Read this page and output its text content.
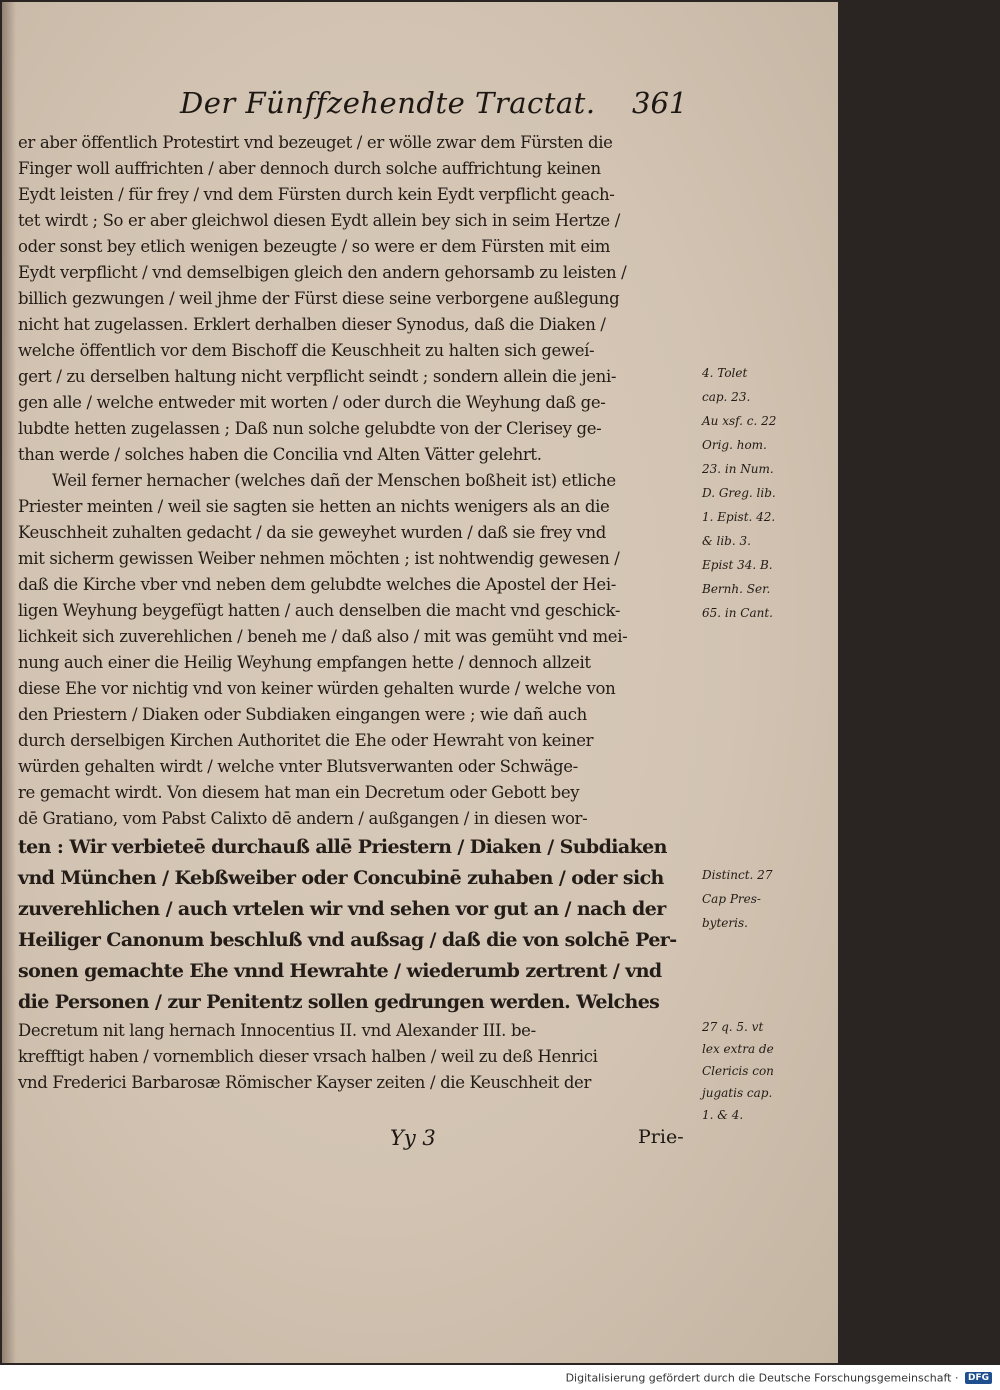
Der Fünffzehendte Tractat. 361
er aber öffentlich Protestirt vnd bezeuget / er wölle zwar dem Fürsten die
Finger woll auffrichten / aber dennoch durch solche auffrichtung keinen
Eydt leisten / für frey / vnd dem Fürsten durch kein Eydt verpflicht geach-
tet wirdt ; So er aber gleichwol diesen Eydt allein bey sich in seim Hertze /
oder sonst bey etlich wenigen bezeugte / so were er dem Fürsten mit eim
Eydt verpflicht / vnd demselbigen gleich den andern gehorsamb zu leisten /
billich gezwungen / weil jhme der Fürst diese seine verborgene außlegung
nicht hat zugelassen. Erklert derhalben dieser Synodus, daß die Diaken /
welche öffentlich vor dem Bischoff die Keuschheit zu halten sich geweí-
gert / zu derselben haltung nicht verpflicht seindt ; sondern allein die jeni-
gen alle / welche entweder mit worten / oder durch die Weyhung daß ge-
lubdte hetten zugelassen ; Daß nun solche gelubdte von der Clerisey ge-
than werde / solches haben die Concilia vnd Alten Vätter gelehrt.
Weil ferner hernacher (welches dañ der Menschen boßheit ist) etliche
Priester meinten / weil sie sagten sie hetten an nichts wenigers als an die
Keuschheit zuhalten gedacht / da sie geweyhet wurden / daß sie frey vnd
mit sicherm gewissen Weiber nehmen möchten ; ist nohtwendig gewesen /
daß die Kirche vber vnd neben dem gelubdte welches die Apostel der Hei-
ligen Weyhung beygefügt hatten / auch denselben die macht vnd geschick-
lichkeit sich zuverehlichen / beneh me / daß also / mit was gemüht vnd mei-
nung auch einer die Heilig Weyhung empfangen hette / dennoch allzeit
diese Ehe vor nichtig vnd von keiner würden gehalten wurde / welche von
den Priestern / Diaken oder Subdiaken eingangen were ; wie dañ auch
durch derselbigen Kirchen Authoritet die Ehe oder Hewraht von keiner
würden gehalten wirdt / welche vnter Blutsverwanten oder Schwäge-
re gemacht wirdt. Von diesem hat man ein Decretum oder Gebott bey
dē Gratiano, vom Pabst Calixto dē andern / außgangen / in diesen wor-
ten : Wir verbieteē durchauß allē Priestern / Diaken / Subdiaken
vnd München / Kebßweiber oder Concubinē zuhaben / oder sich
zuverehlichen / auch vrtelen wir vnd sehen vor gut an / nach der
Heiliger Canonum beschluß vnd außsag / daß die von solchē Per-
sonen gemachte Ehe vnnd Hewrahte / wiederumb zertrent / vnd
die Personen / zur Penitentz sollen gedrungen werden. Welches
Decretum nit lang hernach Innocentius II. vnd Alexander III. be-
krefftigt haben / vornemblich dieser vrsach halben / weil zu deß Henrici
vnd Frederici Barbarosæ Römischer Kayser zeiten / die Keuschheit der
4. Tolet
cap. 23.
Au xsf. c. 22
Orig. hom.
23. in Num.
D. Greg. lib.
1. Epist. 42.
& lib. 3.
Epist 34. B.
Bernh. Ser.
65. in Cant.
Distinct. 27
Cap Pres-
byteris.
27 q. 5. vt
lex extra de
Clericis con
jugatis cap.
1. & 4.
Yy 3	Prie-
Digitalisierung gefördert durch die Deutsche Forschungsgemeinschaft · DFG
